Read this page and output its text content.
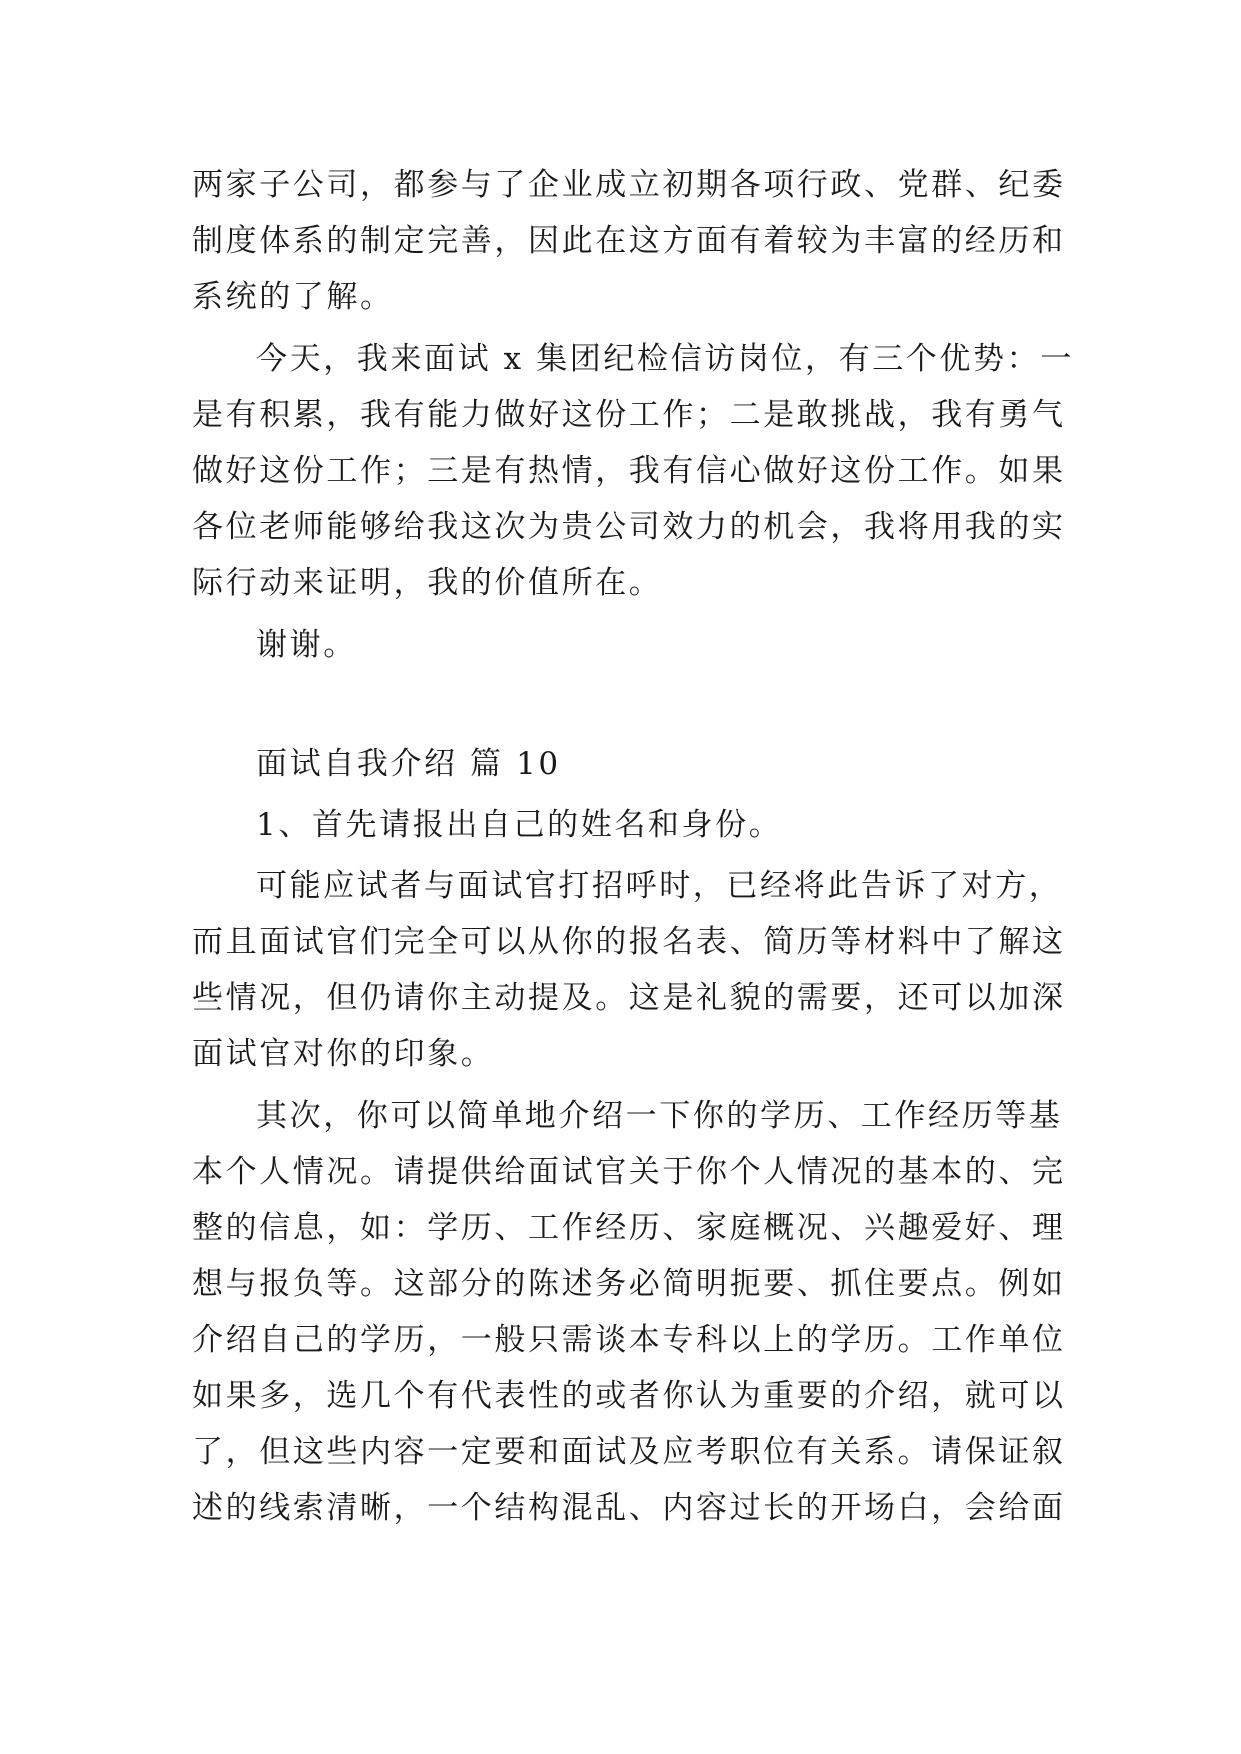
两家子公司，都参与了企业成立初期各项行政、党群、纪委
制度体系的制定完善，因此在这方面有着较为丰富的经历和
系统的了解。
今天，我来面试 x 集团纪检信访岗位，有三个优势：一
是有积累，我有能力做好这份工作；二是敢挑战，我有勇气
做好这份工作；三是有热情，我有信心做好这份工作。如果
各位老师能够给我这次为贵公司效力的机会，我将用我的实
际行动来证明，我的价值所在。
谢谢。
面试自我介绍 篇 10
1、首先请报出自己的姓名和身份。
可能应试者与面试官打招呼时，已经将此告诉了对方，
而且面试官们完全可以从你的报名表、简历等材料中了解这
些情况，但仍请你主动提及。这是礼貌的需要，还可以加深
面试官对你的印象。
其次，你可以简单地介绍一下你的学历、工作经历等基
本个人情况。请提供给面试官关于你个人情况的基本的、完
整的信息，如：学历、工作经历、家庭概况、兴趣爱好、理
想与报负等。这部分的陈述务必简明扼要、抓住要点。例如
介绍自己的学历，一般只需谈本专科以上的学历。工作单位
如果多，选几个有代表性的或者你认为重要的介绍，就可以
了，但这些内容一定要和面试及应考职位有关系。请保证叙
述的线索清晰，一个结构混乱、内容过长的开场白，会给面
